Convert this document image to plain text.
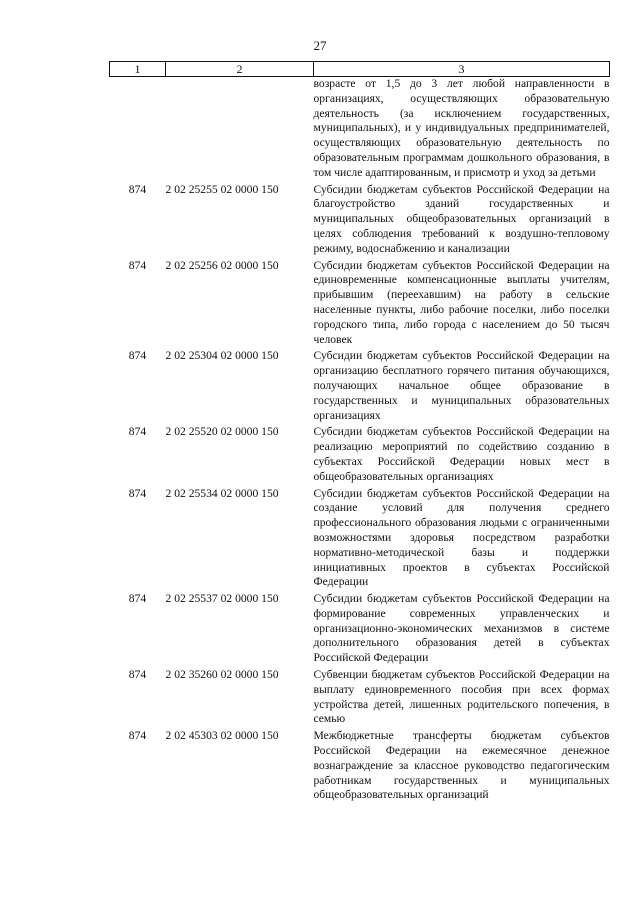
27
1	2	3
		возрасте от 1,5 до 3 лет любой направленности в организациях, осуществляющих образовательную деятельность (за исключением государственных, муниципальных), и у индивидуальных предпринимателей, осуществляющих образовательную деятельность по образовательным программам дошкольного образования, в том числе адаптированным, и присмотр и уход за детьми
874	2 02 25255 02 0000 150	Субсидии бюджетам субъектов Российской Федерации на благоустройство зданий государственных и муниципальных общеобразовательных организаций в целях соблюдения требований к воздушно-тепловому режиму, водоснабжению и канализации
874	2 02 25256 02 0000 150	Субсидии бюджетам субъектов Российской Федерации на единовременные компенсационные выплаты учителям, прибывшим (переехавшим) на работу в сельские населенные пункты, либо рабочие поселки, либо поселки городского типа, либо города с населением до 50 тысяч человек
874	2 02 25304 02 0000 150	Субсидии бюджетам субъектов Российской Федерации на организацию бесплатного горячего питания обучающихся, получающих начальное общее образование в государственных и муниципальных образовательных организациях
874	2 02 25520 02 0000 150	Субсидии бюджетам субъектов Российской Федерации на реализацию мероприятий по содействию созданию в субъектах Российской Федерации новых мест в общеобразовательных организациях
874	2 02 25534 02 0000 150	Субсидии бюджетам субъектов Российской Федерации на создание условий для получения среднего профессионального образования людьми с ограниченными возможностями здоровья посредством разработки нормативно-методической базы и поддержки инициативных проектов в субъектах Российской Федерации
874	2 02 25537 02 0000 150	Субсидии бюджетам субъектов Российской Федерации на формирование современных управленческих и организационно-экономических механизмов в системе дополнительного образования детей в субъектах Российской Федерации
874	2 02 35260 02 0000 150	Субвенции бюджетам субъектов Российской Федерации на выплату единовременного пособия при всех формах устройства детей, лишенных родительского попечения, в семью
874	2 02 45303 02 0000 150	Межбюджетные трансферты бюджетам субъектов Российской Федерации на ежемесячное денежное вознаграждение за классное руководство педагогическим работникам государственных и муниципальных общеобразовательных организаций
